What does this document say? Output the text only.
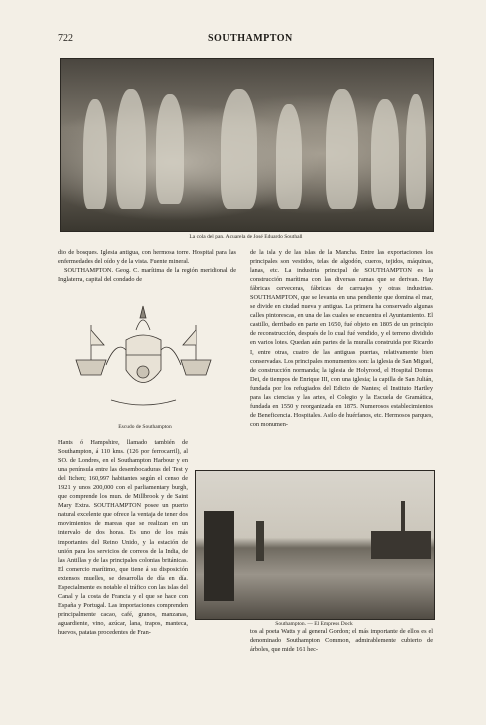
722	SOUTHAMPTON
La cola del pan. Acuarela de José Eduardo Southall

dio de bosques. Iglesia antigua, con hermosa torre. Hospital para las enfermedades del oído y de la vista. Fuente mineral.

SOUTHAMPTON. Geog. C. marítima de la región meridional de Inglaterra, capital del condado de

Escudo de Southampton

Hants ó Hampshire, llamado también de Southampton, á 110 kms. (126 por ferrocarril), al SO. de Londres, en el Southampton Harbour y en una península entre las desembocaduras del Test y del Itchen; 160,997 habitantes según el censo de 1921 y unos 200,000 con el parliamentary burgh, que comprende los mun. de Millbrook y de Saint Mary Extra. SOUTHAMPTON posee un puerto natural excelente que ofrece la ventaja de tener dos movimientos de mareas que se realizan en un intervalo de dos horas. Es uno de los más importantes del Reino Unido, y la estación de unión para los servicios de correos de la India, de las Antillas y de las principales colonias británicas. El comercio marítimo, que tiene á su disposición extensos muelles, se desarrolla de día en día. Especialmente es notable el tráfico con las islas del Canal y la costa de Francia y el que se hace con España y Portugal. Las importaciones comprenden principalmente cacao, café, granos, manzanas, aguardiente, vino, azúcar, lana, trapos, manteca, huevos, patatas procedentes de Fran-

de la isla y de las islas de la Mancha. Entre las exportaciones los principales son vestidos, telas de algodón, cueros, tejidos, máquinas, lanas, etc. La industria principal de SOUTHAMPTON es la construcción marítima con las diversas ramas que se derivan. Hay fábricas cerveceras, fábricas de carruajes y otras industrias. SOUTHAMPTON, que se levanta en una pendiente que domina el mar, se divide en ciudad nueva y antigua. La primera ha conservado algunas calles pintorescas, en una de las cuales se encuentra el Ayuntamiento. El castillo, derribado en parte en 1650, fué objeto en 1805 de un principio de reconstrucción, después de lo cual fué vendido, y el terreno dividido en varios lotes. Quedan aún partes de la muralla construida por Ricardo I, entre otras, cuatro de las antiguas puertas, relativamente bien conservadas. Los principales monumentos son: la iglesia de San Miguel, de construcción normanda; la iglesia de Holyrood, el Hospital Domus Dei, de tiempos de Enrique III, con una iglesia; la capilla de San Julián, fundada por los refugiados del Edicto de Nantes; el Instituto Hartley para las ciencias y las artes, el Colegio y la Escuela de Gramática, fundada en 1550 y reorganizada en 1875. Numerosos establecimientos de Beneficencia. Hospitales. Asilo de huérfanos, etc. Hermosos parques, con monumen-

Southampton. — El Empress Dock

tos al poeta Watts y al general Gordon; el más importante de ellos es el denominado Southampton Common, admirablemente cubierto de árboles, que mide 161 hec-
